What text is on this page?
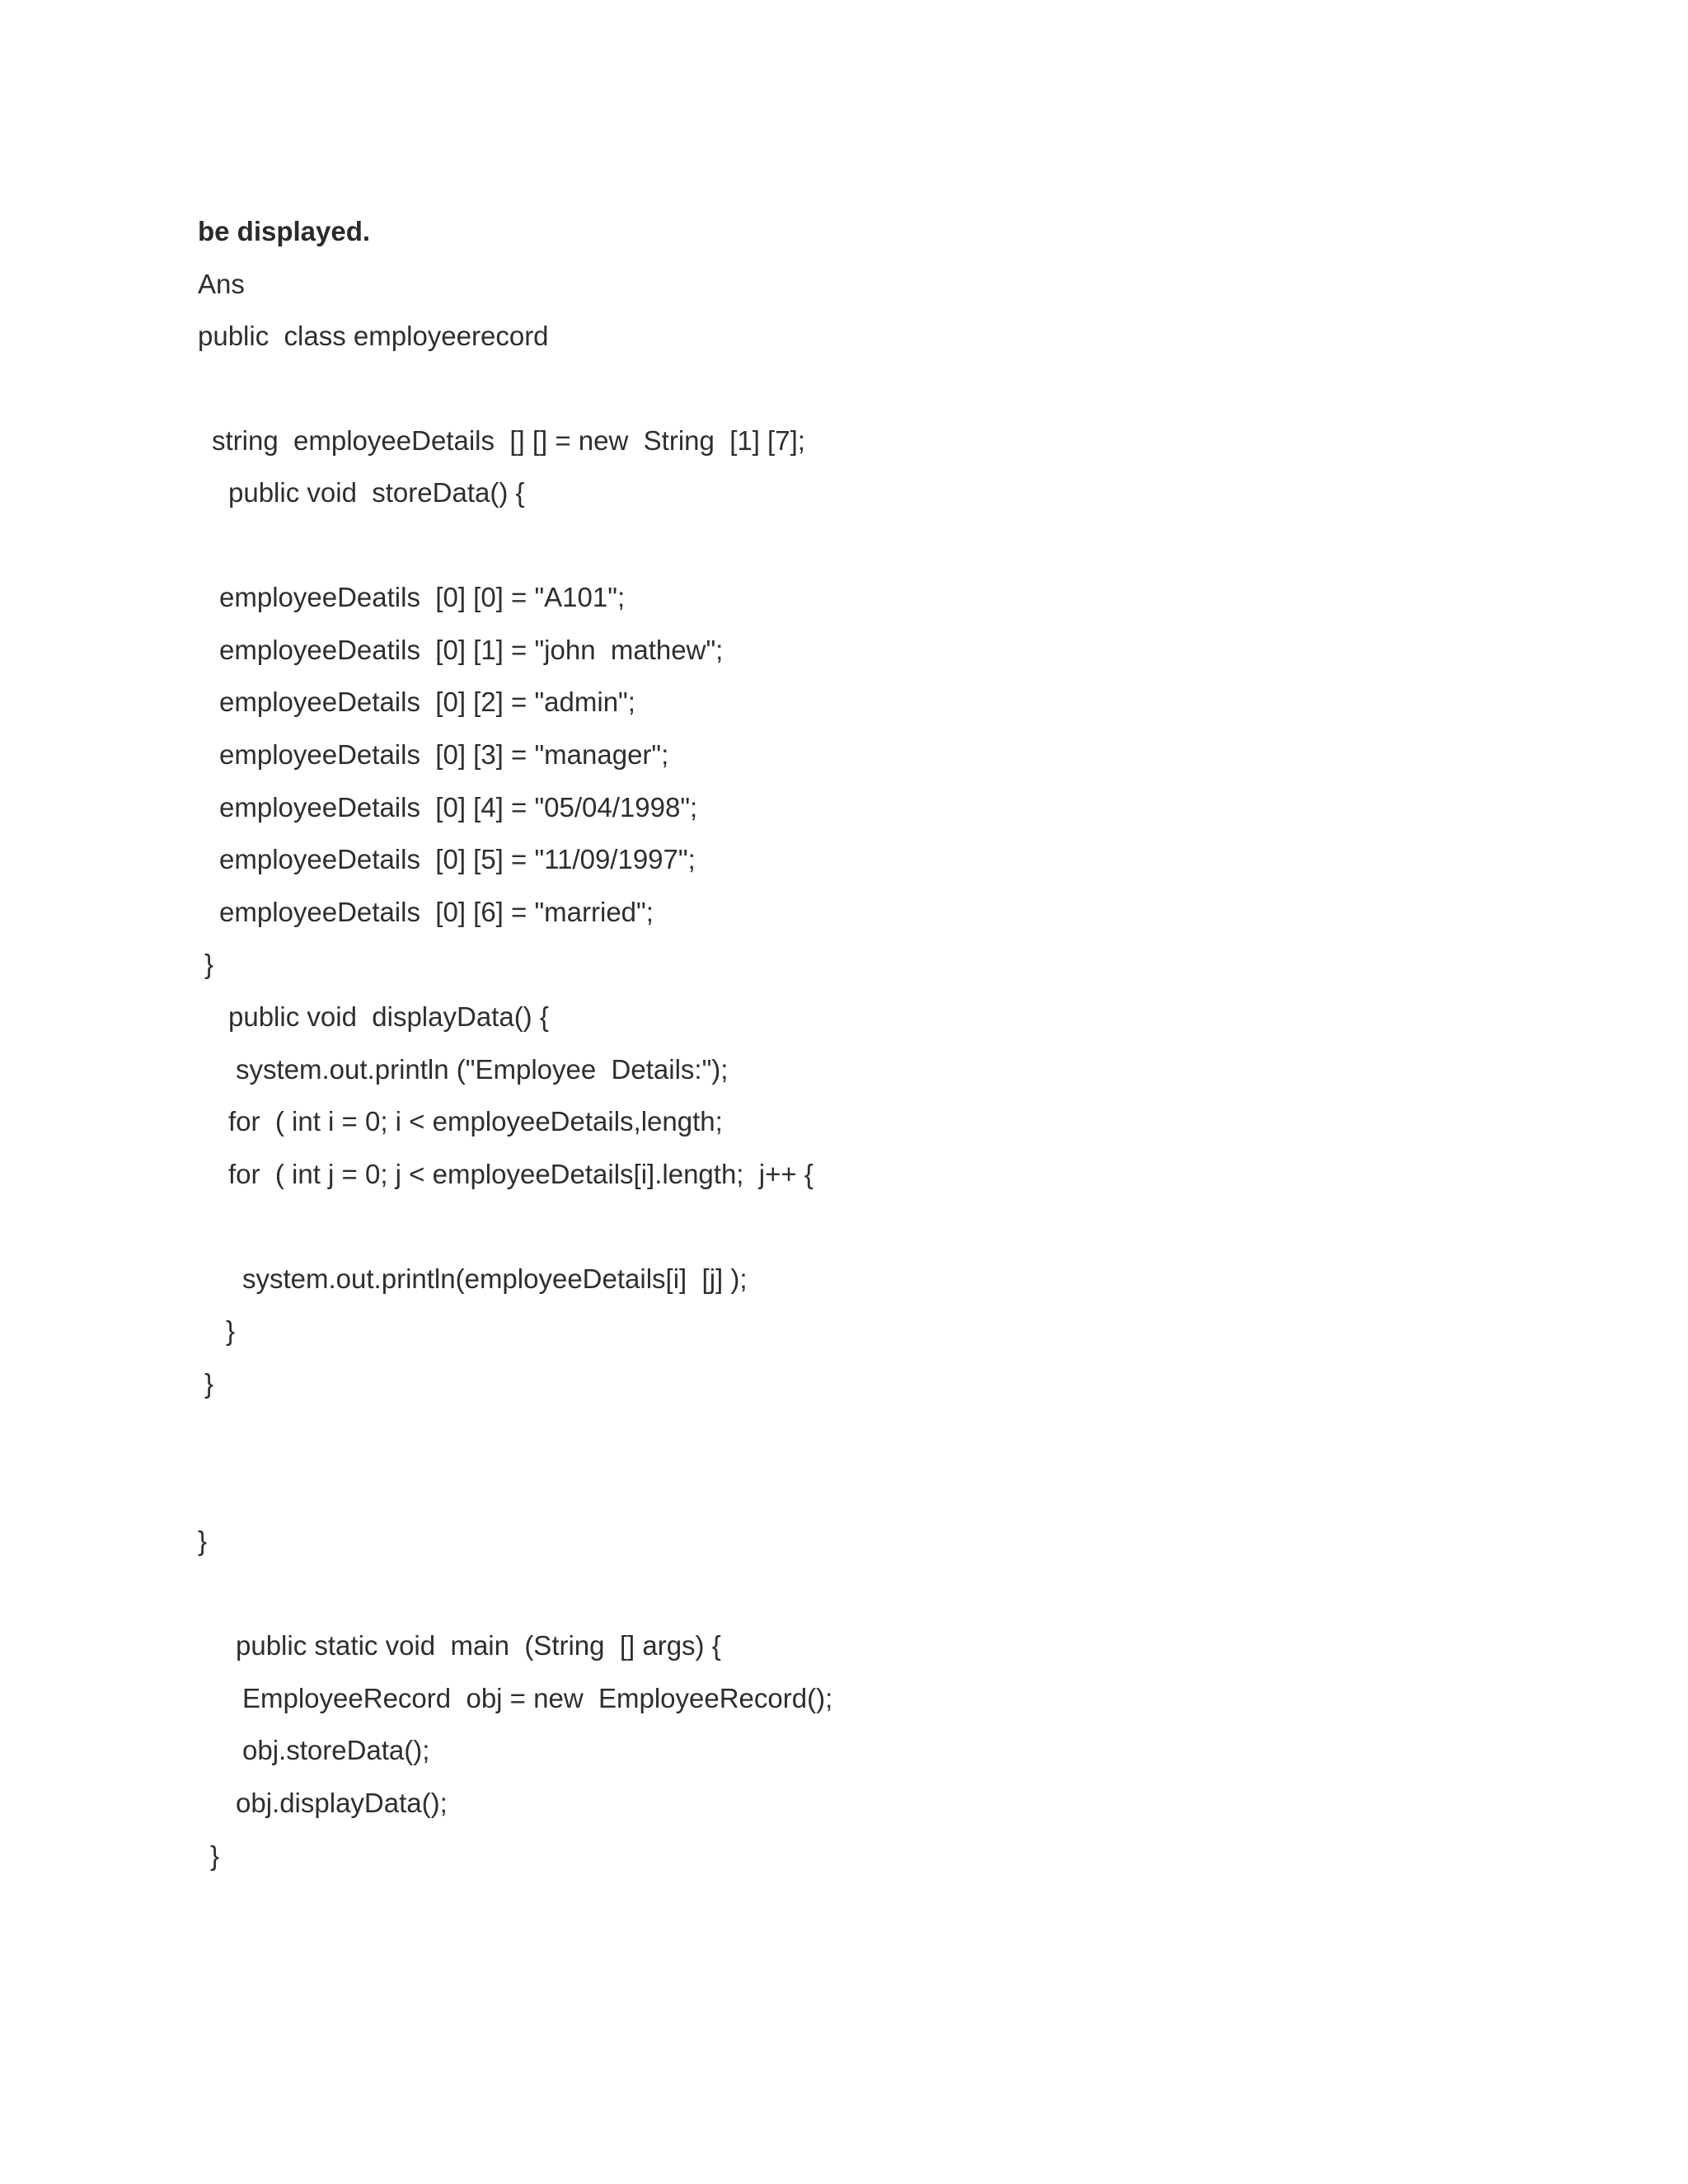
be displayed.
Ans
public  class employeerecord
string  employeeDetails  [] [] = new  String  [1] [7];
public void  storeData() {
employeeDeatils  [0] [0] = "A101";
employeeDeatils  [0] [1] = "john  mathew";
employeeDetails  [0] [2] = "admin";
employeeDetails  [0] [3] = "manager";
employeeDetails  [0] [4] = "05/04/1998";
employeeDetails  [0] [5] = "11/09/1997";
employeeDetails  [0] [6] = "married";
}
public void  displayData() {
system.out.println ("Employee  Details:");
for  ( int i = 0; i < employeeDetails,length;
for  ( int j = 0; j < employeeDetails[i].length;  j++ {
system.out.println(employeeDetails[i]  [j] );
}
}
}
public static void  main  (String  [] args) {
EmployeeRecord  obj = new  EmployeeRecord();
obj.storeData();
obj.displayData();
}
